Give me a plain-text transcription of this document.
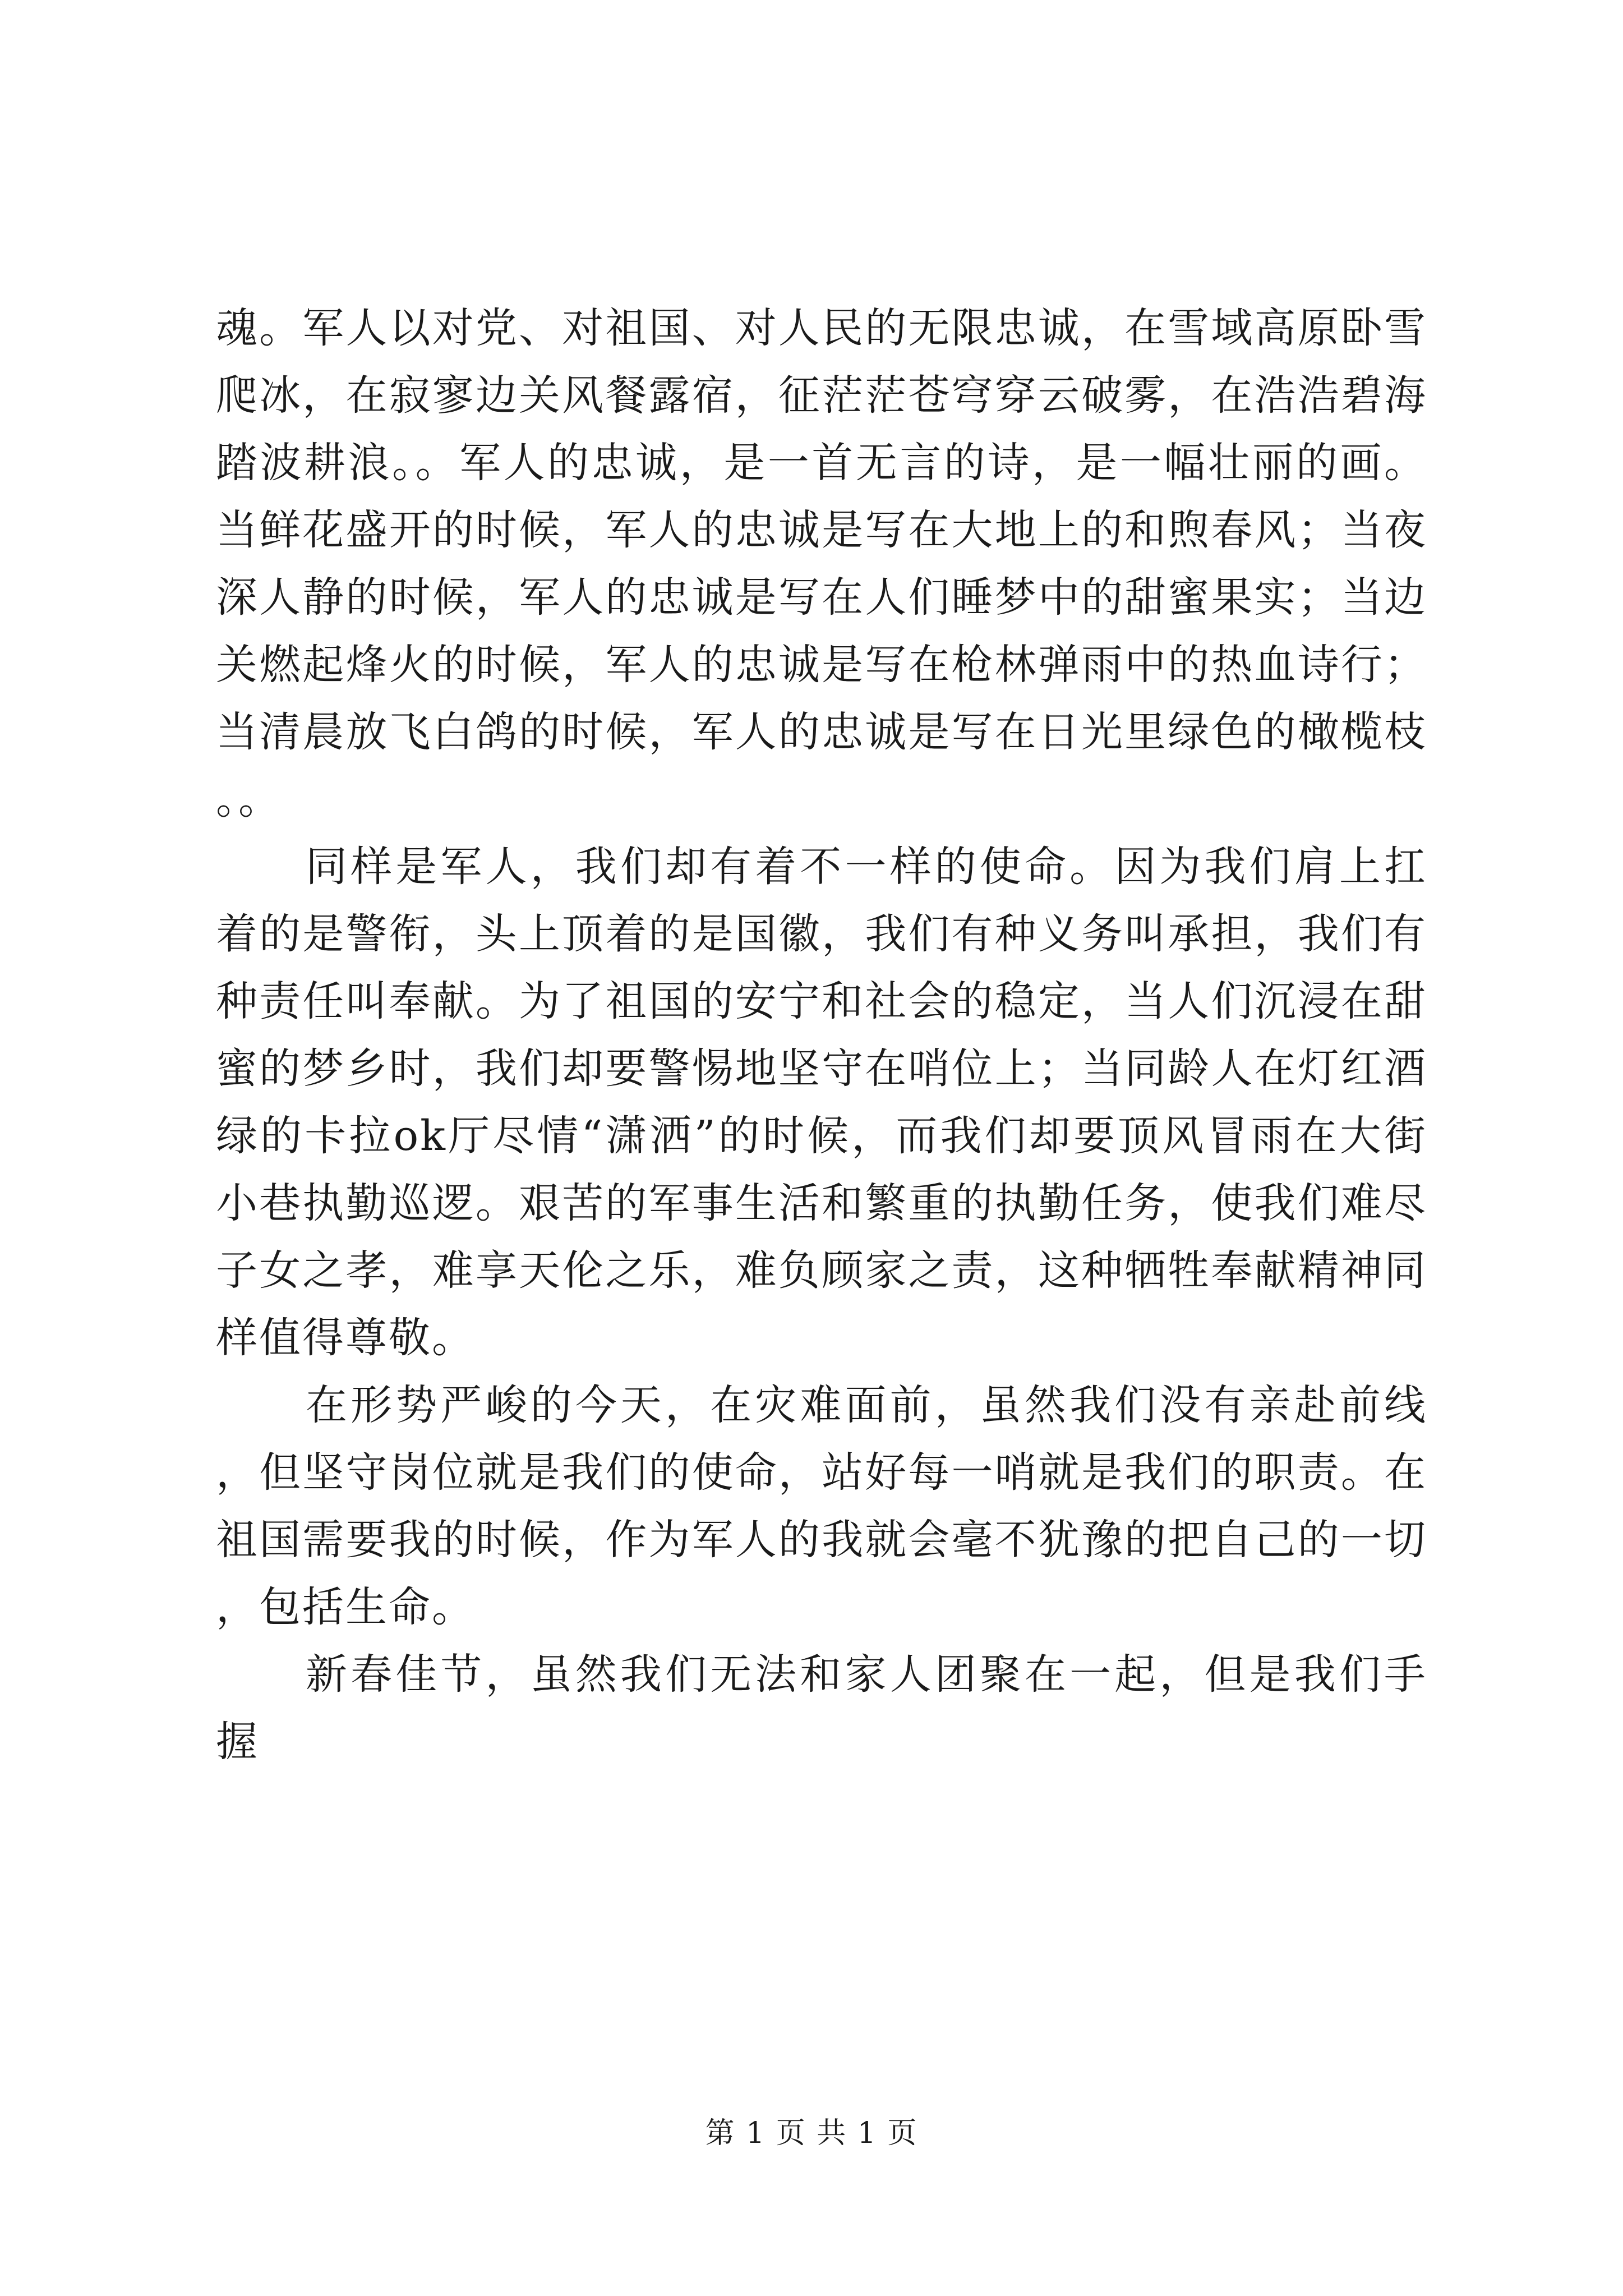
魂。军人以对党、对祖国、对人民的无限忠诚，在雪域高原卧雪爬冰，在寂寥边关风餐露宿，征茫茫苍穹穿云破雾，在浩浩碧海踏波耕浪。。军人的忠诚，是一首无言的诗，是一幅壮丽的画。当鲜花盛开的时候，军人的忠诚是写在大地上的和煦春风；当夜深人静的时候，军人的忠诚是写在人们睡梦中的甜蜜果实；当边关燃起烽火的时候，军人的忠诚是写在枪林弹雨中的热血诗行；当清晨放飞白鸽的时候，军人的忠诚是写在日光里绿色的橄榄枝。。

同样是军人，我们却有着不一样的使命。因为我们肩上扛着的是警衔，头上顶着的是国徽，我们有种义务叫承担，我们有种责任叫奉献。为了祖国的安宁和社会的稳定，当人们沉浸在甜蜜的梦乡时，我们却要警惕地坚守在哨位上；当同龄人在灯红酒绿的卡拉ok厅尽情“潇洒”的时候，而我们却要顶风冒雨在大街小巷执勤巡逻。艰苦的军事生活和繁重的执勤任务，使我们难尽子女之孝，难享天伦之乐，难负顾家之责，这种牺牲奉献精神同样值得尊敬。

在形势严峻的今天，在灾难面前，虽然我们没有亲赴前线，但坚守岗位就是我们的使命，站好每一哨就是我们的职责。在祖国需要我的时候，作为军人的我就会毫不犹豫的把自己的一切，包括生命。

新春佳节，虽然我们无法和家人团聚在一起，但是我们手握

第 1 页 共 1 页
